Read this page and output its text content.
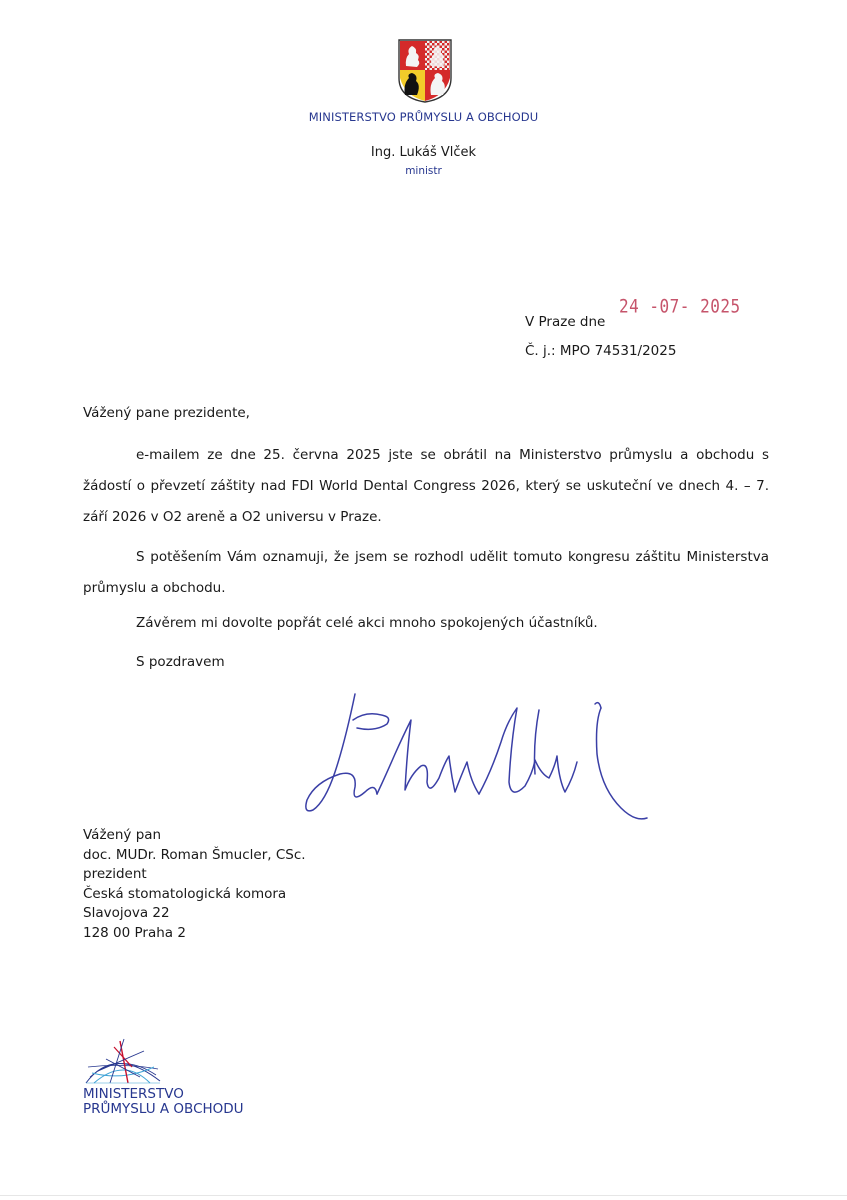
MINISTERSTVO PRŮMYSLU A OBCHODU
Ing. Lukáš Vlček
ministr
24 -07- 2025
V Praze dne
Č. j.: MPO 74531/2025
Vážený pane prezidente,
e-mailem ze dne 25. června 2025 jste se obrátil na Ministerstvo průmyslu a obchodu s žádostí o převzetí záštity nad FDI World Dental Congress 2026, který se uskuteční ve dnech 4. – 7. září 2026 v O2 areně a O2 universu v Praze.
S potěšením Vám oznamuji, že jsem se rozhodl udělit tomuto kongresu záštitu Ministerstva průmyslu a obchodu.
Závěrem mi dovolte popřát celé akci mnoho spokojených účastníků.
S pozdravem
Vážený pan
doc. MUDr. Roman Šmucler, CSc.
prezident
Česká stomatologická komora
Slavojova 22
128 00 Praha 2
MINISTERSTVO
PRŮMYSLU A OBCHODU
